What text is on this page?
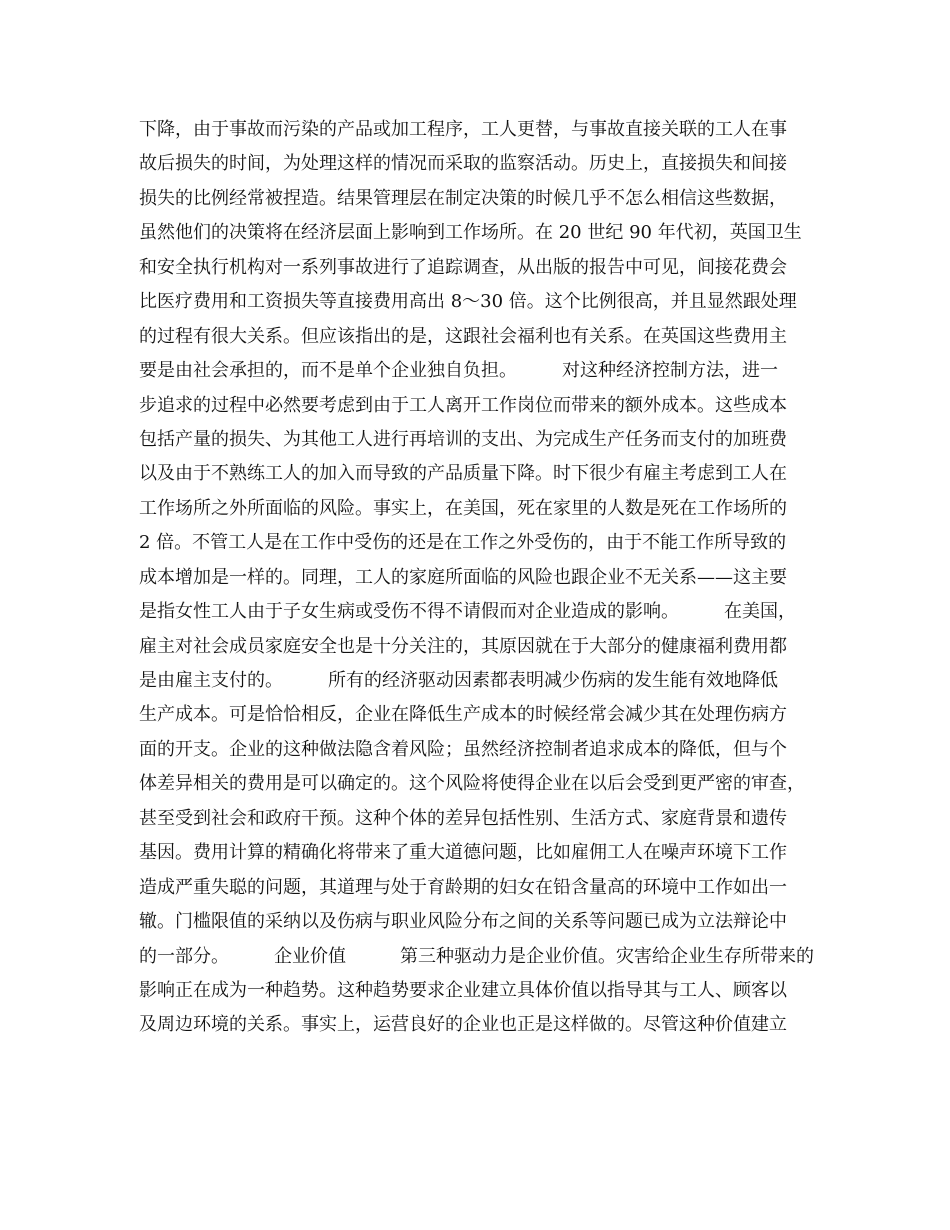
下降，由于事故而污染的产品或加工程序，工人更替，与事故直接关联的工人在事
故后损失的时间，为处理这样的情况而采取的监察活动。历史上，直接损失和间接
损失的比例经常被捏造。结果管理层在制定决策的时候几乎不怎么相信这些数据，
虽然他们的决策将在经济层面上影响到工作场所。在 20 世纪 90 年代初，英国卫生
和安全执行机构对一系列事故进行了追踪调查，从出版的报告中可见，间接花费会
比医疗费用和工资损失等直接费用高出 8～30 倍。这个比例很高，并且显然跟处理
的过程有很大关系。但应该指出的是，这跟社会福利也有关系。在英国这些费用主
要是由社会承担的，而不是单个企业独自负担。　　　对这种经济控制方法，进一
步追求的过程中必然要考虑到由于工人离开工作岗位而带来的额外成本。这些成本
包括产量的损失、为其他工人进行再培训的支出、为完成生产任务而支付的加班费
以及由于不熟练工人的加入而导致的产品质量下降。时下很少有雇主考虑到工人在
工作场所之外所面临的风险。事实上，在美国，死在家里的人数是死在工作场所的
2 倍。不管工人是在工作中受伤的还是在工作之外受伤的，由于不能工作所导致的
成本增加是一样的。同理，工人的家庭所面临的风险也跟企业不无关系——这主要
是指女性工人由于子女生病或受伤不得不请假而对企业造成的影响。　　　在美国，
雇主对社会成员家庭安全也是十分关注的，其原因就在于大部分的健康福利费用都
是由雇主支付的。　　　所有的经济驱动因素都表明减少伤病的发生能有效地降低
生产成本。可是恰恰相反，企业在降低生产成本的时候经常会减少其在处理伤病方
面的开支。企业的这种做法隐含着风险；虽然经济控制者追求成本的降低，但与个
体差异相关的费用是可以确定的。这个风险将使得企业在以后会受到更严密的审查，
甚至受到社会和政府干预。这种个体的差异包括性别、生活方式、家庭背景和遗传
基因。费用计算的精确化将带来了重大道德问题，比如雇佣工人在噪声环境下工作
造成严重失聪的问题，其道理与处于育龄期的妇女在铅含量高的环境中工作如出一
辙。门槛限值的采纳以及伤病与职业风险分布之间的关系等问题已成为立法辩论中
的一部分。　　　企业价值　　　第三种驱动力是企业价值。灾害给企业生存所带来的
影响正在成为一种趋势。这种趋势要求企业建立具体价值以指导其与工人、顾客以
及周边环境的关系。事实上，运营良好的企业也正是这样做的。尽管这种价值建立
